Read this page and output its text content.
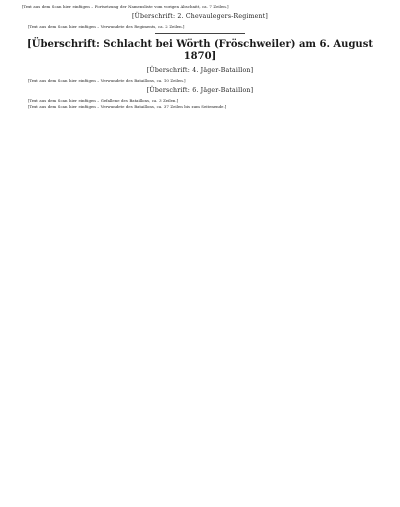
[Text aus dem Scan hier einfügen – Fortsetzung der Namensliste vom vorigen Abschnitt, ca. 7 Zeilen.]

[Überschrift: 2. Chevaulegers-Regiment]

[Text aus dem Scan hier einfügen – Verwundete des Regiments, ca. 2 Zeilen.]

[Überschrift: Schlacht bei Wörth (Fröschweiler) am 6. August 1870]
[Überschrift: 4. Jäger-Bataillon]

[Text aus dem Scan hier einfügen – Verwundete des Bataillons, ca. 10 Zeilen.]

[Überschrift: 6. Jäger-Bataillon]

[Text aus dem Scan hier einfügen – Gefallene des Bataillons, ca. 3 Zeilen.]

[Text aus dem Scan hier einfügen – Verwundete des Bataillons, ca. 37 Zeilen bis zum Seitenende.]
